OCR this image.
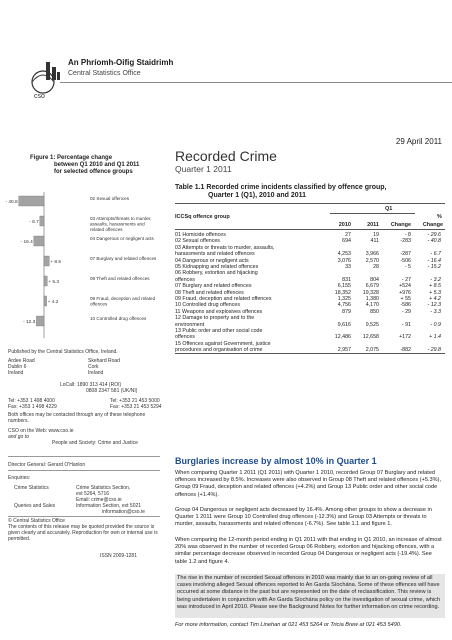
cso
An Phríomh-Oifig Staidrimh
Central Statistics Office
29 April 2011
Figure 1: Percentage change
between Q1 2010 and Q1 2011
for selected offence groups
Recorded Crime
Quarter 1 2011
- 40.8
02 Sexual offences
- 6.7
03 Attempts/threats to murder,
assaults, harassments and
related offences
- 16.4
04 Dangerous or negligent acts
+ 8.5
07 Burglary and related offences
+ 5.3
08 Theft and related offences
+ 4.2
09 Fraud, deception and related
offences
- 12.3
10 Controlled drug offences
Published by the Central Statistics Office, Ireland.
Ardee Road
Dublin 6
Ireland
Skehard Road
Cork
Ireland
LoCall: 1890 313 414 (ROI)
0808 2347 581 (UK/NI)
Tel: +353 1 498 4000
Fax: +353 1 498 4229
Tel: +353 21 453 5000
Fax: +353 21 453 5294
Both offices may be contacted through any of these telephone numbers.
CSO on the Web: www.cso.ie
and go to
People and Society: Crime and Justice
Director General: Gerard O'Hanlon
Enquiries:
Crime Statistics	Crime Statistics Section,
ext 5264, 5716
Email: crime@cso.ie
Queries and Sales	Information Section, ext 5021
information@cso.ie
© Central Statistics Office
The contents of this release may be quoted provided the source is given clearly and accurately. Reproduction for own or internal use is permitted.
ISSN 2009-1281
Table 1.1 Recorded crime incidents classified by offence group,
Quarter 1 (Q1), 2010 and 2011
Q1
ICCSq offence group	%
2010	2011	Change	Change
01 Homicide offences	27	19	- 8	- 29.6
02 Sexual offences	694	411	-283	- 40.8
03 Attempts or threats to murder, assaults,
harassments and related offences	4,253	3,966	-287	- 6.7
04 Dangerous or negligent acts	3,076	2,570	-506	- 16.4
05 Kidnapping and related offences	33	28	- 5	- 15.2
06 Robbery, extortion and hijacking
offences	831	804	- 27	- 3.2
07 Burglary and related offences	6,155	6,679	+524	+ 8.5
08 Theft and related offences	18,352	19,328	+976	+ 5.3
09 Fraud, deception and related offences	1,325	1,380	+ 55	+ 4.2
10 Controlled drug offences	4,756	4,170	-586	- 12.3
11 Weapons and explosives offences	879	850	- 29	- 3.3
12 Damage to property and to the
environment	9,616	9,525	- 91	- 0.9
13 Public order and other social code
offences	12,486	12,658	+172	+ 1.4
15 Offences against Government, justice
procedures and organisation of crime	2,957	2,075	-882	- 29.8
Burglaries increase by almost 10% in Quarter 1
When comparing Quarter 1 2011 (Q1 2011) with Quarter 1 2010, recorded Group 07 Burglary and related offences increased by 8.5%. Increases were also observed in Group 08 Theft and related offences (+5.3%), Group 09 Fraud, deception and related offences (+4.2%) and Group 13 Public order and other social code offences (+1.4%).
Group 04 Dangerous or negligent acts decreased by 16.4%. Among other groups to show a decrease in Quarter 1 2011 were Group 10 Controlled drug offences (-12.3%) and Group 03 Attempts or threats to murder, assaults, harassments and related offences (-6.7%). See table 1.1 and figure 1.
When comparing the 12-month period ending in Q1 2011 with that ending in Q1 2010, an increase of almost 20% was observed in the number of recorded Group 06 Robbery, extortion and hijacking offences, with a similar percentage decrease observed in recorded Group 04 Dangerous or negligent acts (-19.4%). See table 1.2 and figure 4.
The rise in the number of recorded Sexual offences in 2010 was mainly due to an on-going review of all cases involving alleged Sexual offences reported to An Garda Síochána. Some of these offences will have occurred at some distance in the past but are represented on the date of reclassification. This review is being undertaken in conjunction with An Garda Síochána policy on the investigation of sexual crime, which was introduced in April 2010. Please see the Background Notes for further information on crime recording.
For more information, contact Tim Linehan at 021 453 5264 or Tricia Brew at 021 453 5490.
